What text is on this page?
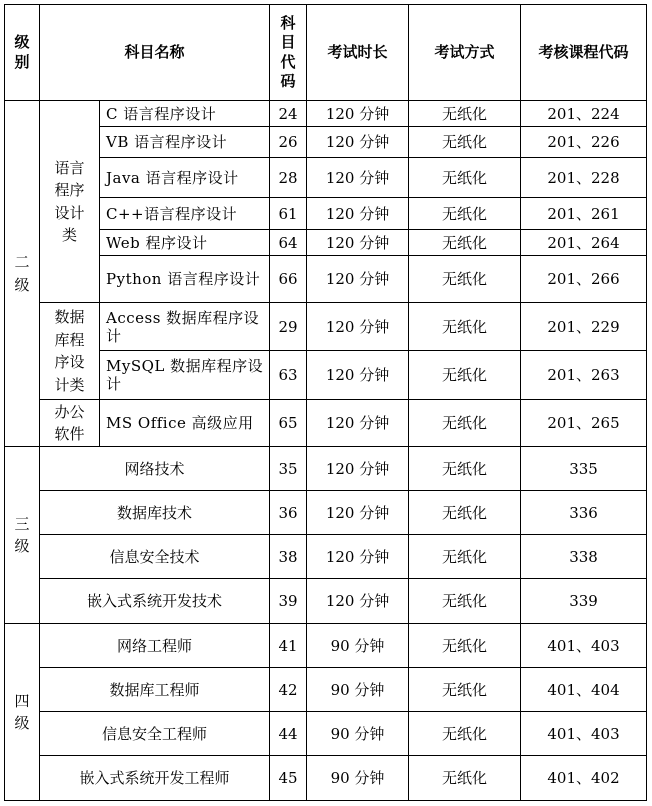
级
别	科目名称		科
目
代
码	考试时长	考试方式	考核课程代码

二
级	语言
程序
设计
类	C 语言程序设计	24	120 分钟	无纸化	201、224
		VB 语言程序设计	26	120 分钟	无纸化	201、226
		Java 语言程序设计	28	120 分钟	无纸化	201、228
		C++语言程序设计	61	120 分钟	无纸化	201、261
		Web 程序设计	64	120 分钟	无纸化	201、264
		Python 语言程序设计	66	120 分钟	无纸化	201、266

	数据
库程
序设
计类	Access 数据库程序设计	29	120 分钟	无纸化	201、229
		MySQL 数据库程序设计	63	120 分钟	无纸化	201、263

	办公
软件	MS Office 高级应用	65	120 分钟	无纸化	201、265

三
级	网络技术		35	120 分钟	无纸化	335
	数据库技术		36	120 分钟	无纸化	336
	信息安全技术		38	120 分钟	无纸化	338
	嵌入式系统开发技术		39	120 分钟	无纸化	339

四
级	网络工程师		41	90 分钟	无纸化	401、403
	数据库工程师		42	90 分钟	无纸化	401、404
	信息安全工程师		44	90 分钟	无纸化	401、403
	嵌入式系统开发工程师		45	90 分钟	无纸化	401、402
